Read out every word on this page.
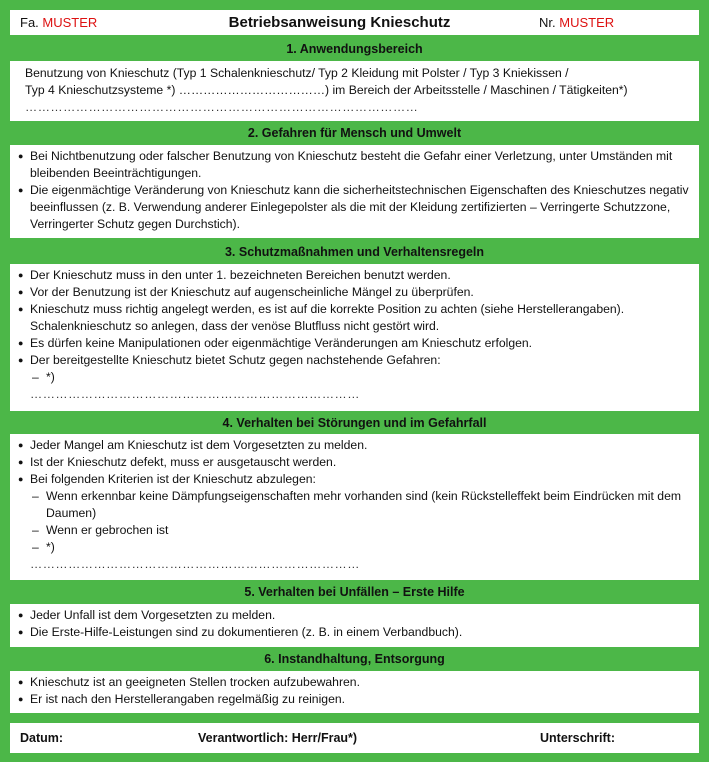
Fa. MUSTER	Betriebsanweisung Knieschutz	Nr. MUSTER
1. Anwendungsbereich
Benutzung von Knieschutz (Typ 1 Schalenknieschutz/ Typ 2 Kleidung mit Polster / Typ 3 Kniekissen /
Typ 4 Knieschutzsysteme *) ………………………………) im Bereich der Arbeitsstelle / Maschinen / Tätigkeiten*)
…………………………………………………………………………………
2. Gefahren für Mensch und Umwelt
● Bei Nichtbenutzung oder falscher Benutzung von Knieschutz besteht die Gefahr einer Verletzung, unter Umständen mit bleibenden Beeinträchtigungen.
● Die eigenmächtige Veränderung von Knieschutz kann die sicherheitstechnischen Eigenschaften des Knieschutzes negativ beeinflussen (z. B. Verwendung anderer Einlegepolster als die mit der Kleidung zertifizierten – Verringerte Schutzzone, Verringerter Schutz gegen Durchstich).
3. Schutzmaßnahmen und Verhaltensregeln
● Der Knieschutz muss in den unter 1. bezeichneten Bereichen benutzt werden.
● Vor der Benutzung ist der Knieschutz auf augenscheinliche Mängel zu überprüfen.
● Knieschutz muss richtig angelegt werden, es ist auf die korrekte Position zu achten (siehe Herstellerangaben). Schalenknieschutz so anlegen, dass der venöse Blutfluss nicht gestört wird.
● Es dürfen keine Manipulationen oder eigenmächtige Veränderungen am Knieschutz erfolgen.
● Der bereitgestellte Knieschutz bietet Schutz gegen nachstehende Gefahren:
– *)
……………………………………………………………………
4. Verhalten bei Störungen und im Gefahrfall
● Jeder Mangel am Knieschutz ist dem Vorgesetzten zu melden.
● Ist der Knieschutz defekt, muss er ausgetauscht werden.
● Bei folgenden Kriterien ist der Knieschutz abzulegen:
– Wenn erkennbar keine Dämpfungseigenschaften mehr vorhanden sind (kein Rückstelleffekt beim Eindrücken mit dem Daumen)
– Wenn er gebrochen ist
– *)
……………………………………………………………………
5. Verhalten bei Unfällen – Erste Hilfe
● Jeder Unfall ist dem Vorgesetzten zu melden.
● Die Erste-Hilfe-Leistungen sind zu dokumentieren (z. B. in einem Verbandbuch).
6. Instandhaltung, Entsorgung
● Knieschutz ist an geeigneten Stellen trocken aufzubewahren.
● Er ist nach den Herstellerangaben regelmäßig zu reinigen.
Datum:	Verantwortlich: Herr/Frau*)	Unterschrift:
